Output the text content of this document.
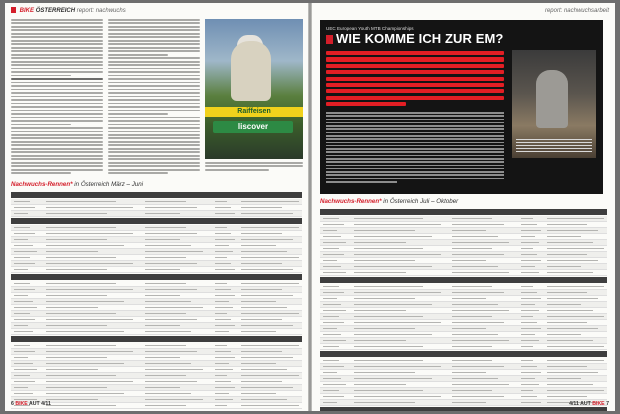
BIKE ÖSTERREICH report: nachwuchs
Raiffeisen
liscover
Nachwuchs-Rennen* in Österreich März – Juni
6 BIKE AUT 4/11
report: nachwuchsarbeit
UEC European Youth MTB Championships
WIE KOMME ICH ZUR EM?
Nachwuchs-Rennen* in Österreich Juli – Oktober
4/11 AUT BIKE 7
